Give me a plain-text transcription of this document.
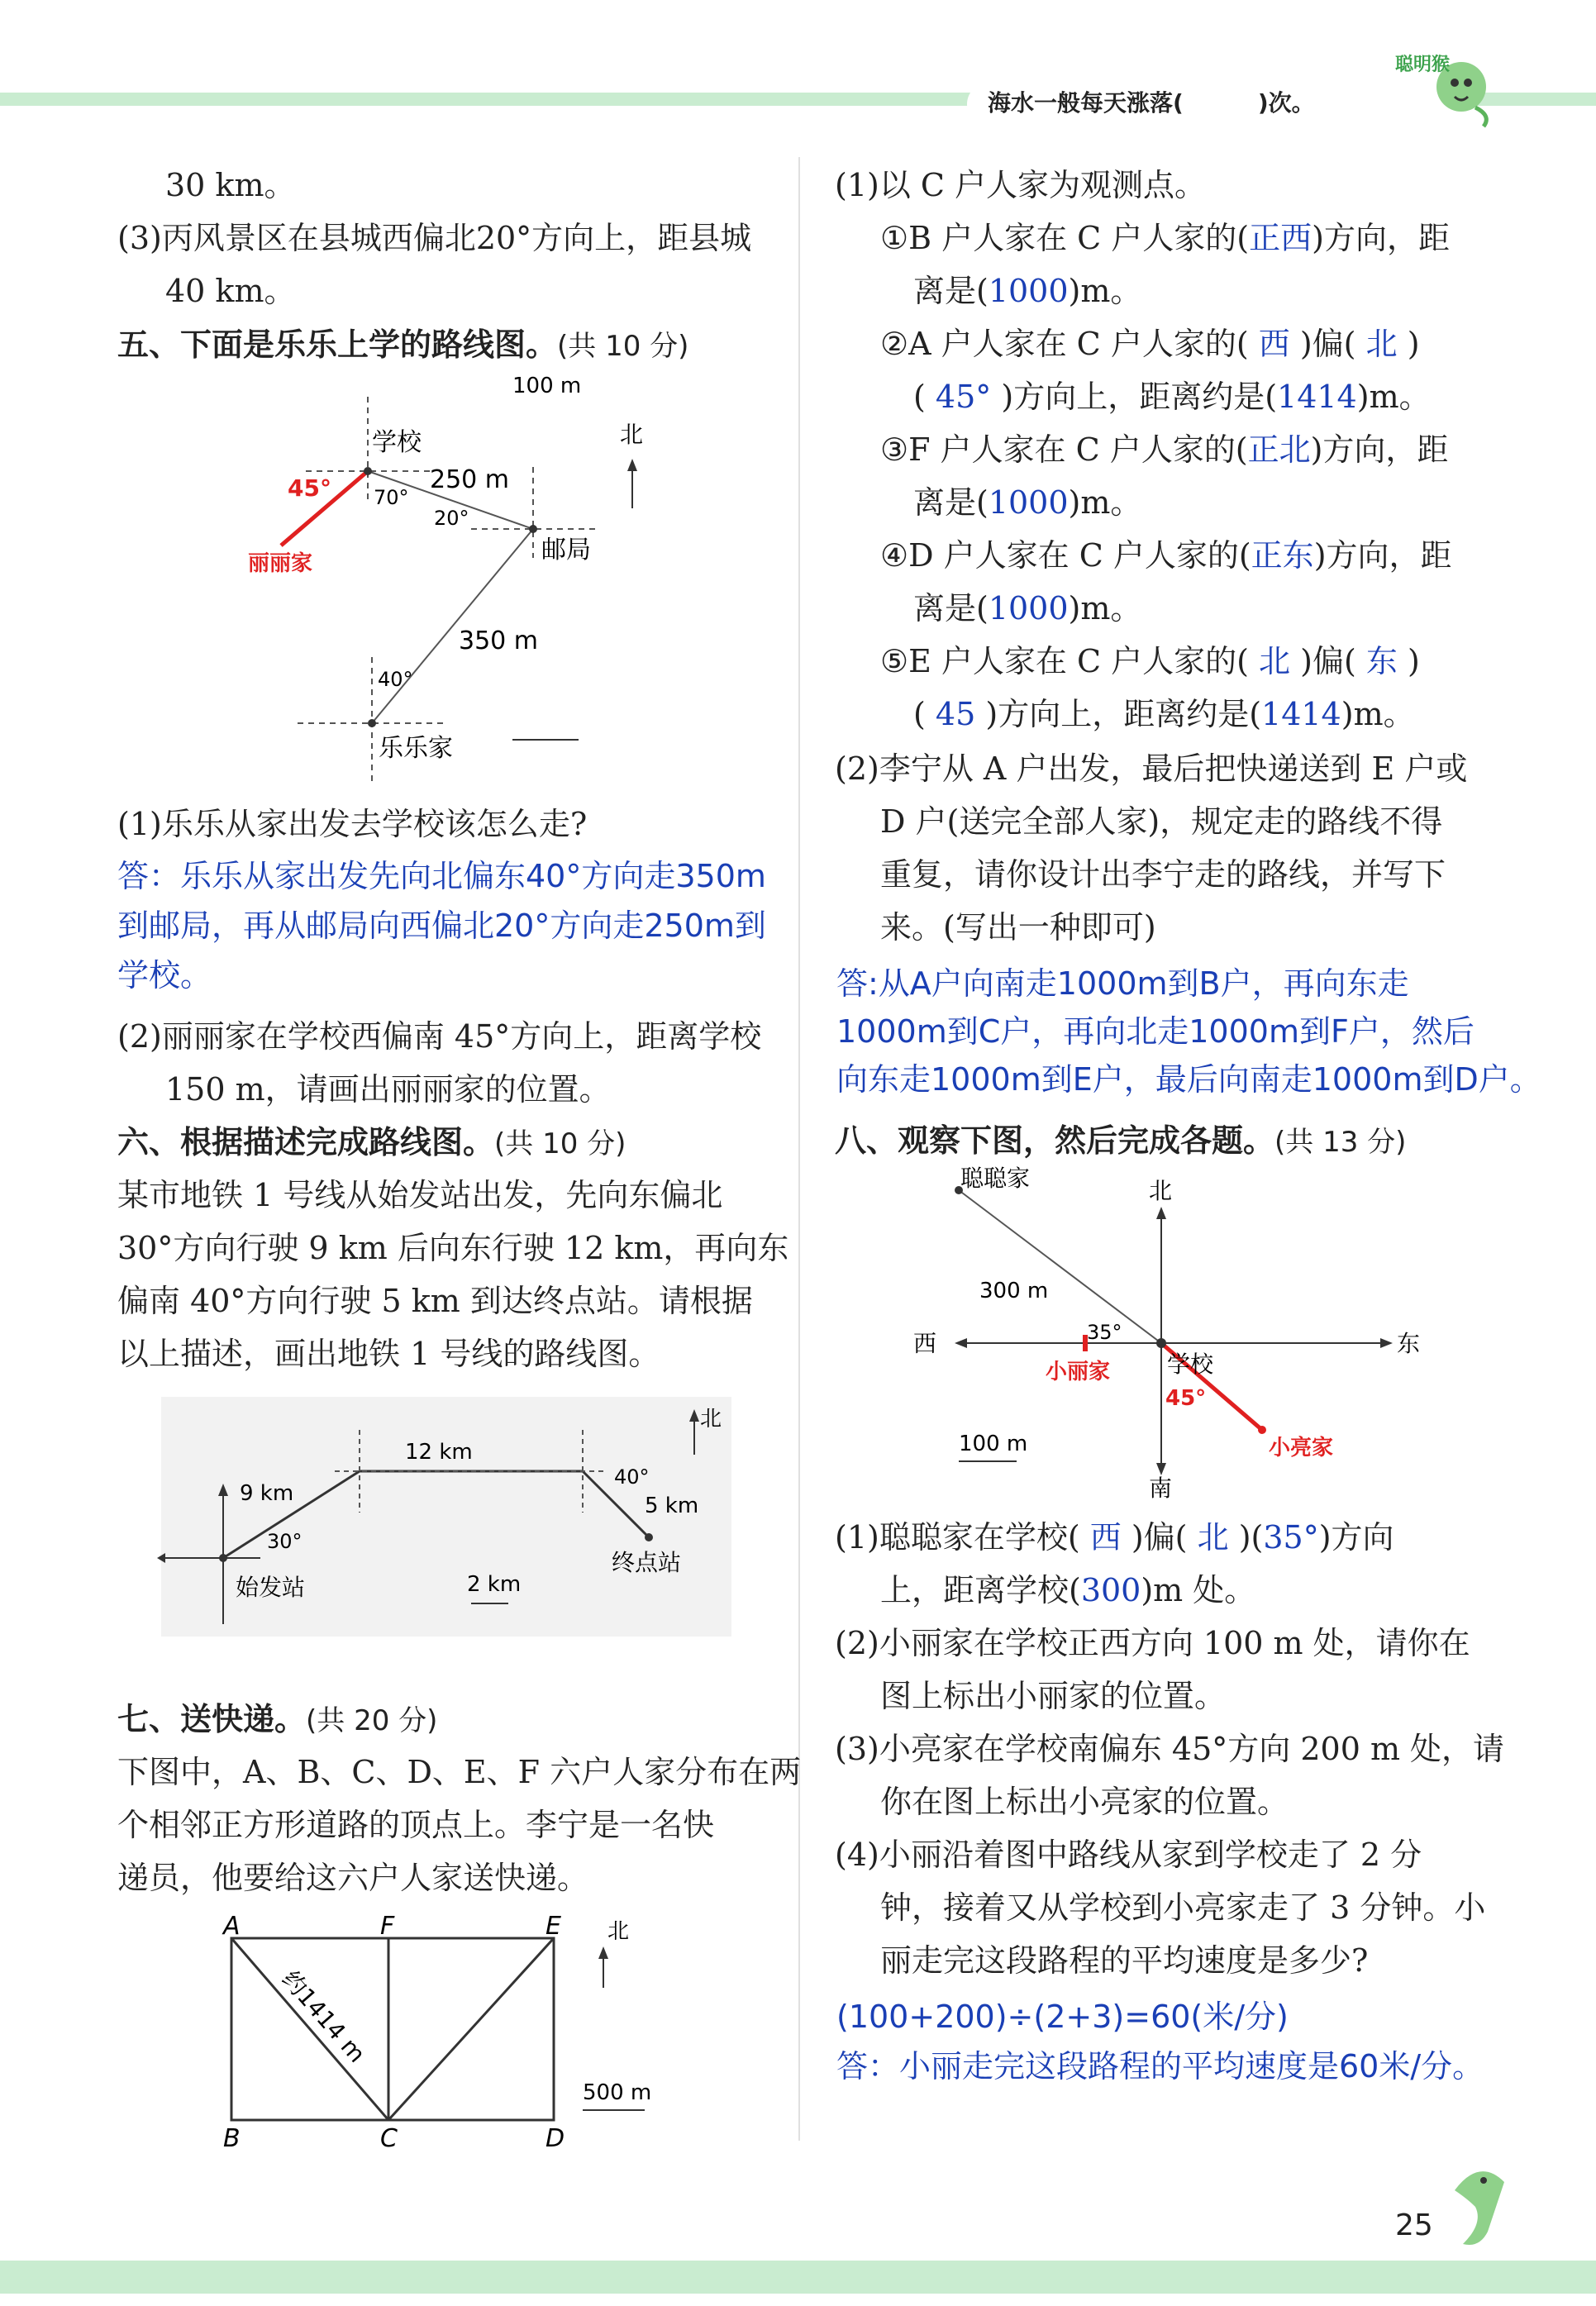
海水一般每天涨落(	)次。
聪明猴
30 km。
(3)丙风景区在县城西偏北20°方向上，距县城
40 km。
五、下面是乐乐上学的路线图。(共 10 分)
北
学校
邮局
乐乐家
丽丽家
250 m
350 m
70°
20°
40°
45°
100 m
(1)乐乐从家出发去学校该怎么走?
答：乐乐从家出发先向北偏东40°方向走350m
到邮局，再从邮局向西偏北20°方向走250m到
学校。
(2)丽丽家在学校西偏南 45°方向上，距离学校
150 m，请画出丽丽家的位置。
六、根据描述完成路线图。(共 10 分)
某市地铁 1 号线从始发站出发，先向东偏北
30°方向行驶 9 km 后向东行驶 12 km，再向东
偏南 40°方向行驶 5 km 到达终点站。请根据
以上描述，画出地铁 1 号线的路线图。
北
始发站
终点站
9 km
12 km
5 km
30°
40°
2 km
七、送快递。(共 20 分)
下图中，A、B、C、D、E、F 六户人家分布在两
个相邻正方形道路的顶点上。李宁是一名快
递员，他要给这六户人家送快递。
A	F	E
B	C	D
北
约1414 m
500 m
(1)以 C 户人家为观测点。
①B 户人家在 C 户人家的(正西)方向，距
离是(1000)m。
②A 户人家在 C 户人家的( 西 )偏( 北 )
( 45° )方向上，距离约是(1414)m。
③F 户人家在 C 户人家的(正北)方向，距
离是(1000)m。
④D 户人家在 C 户人家的(正东)方向，距
离是(1000)m。
⑤E 户人家在 C 户人家的( 北 )偏( 东 )
( 45 )方向上，距离约是(1414)m。
(2)李宁从 A 户出发，最后把快递送到 E 户或
D 户(送完全部人家)，规定走的路线不得
重复，请你设计出李宁走的路线，并写下
来。(写出一种即可)
答:从A户向南走1000m到B户，再向东走
1000m到C户，再向北走1000m到F户，然后
向东走1000m到E户，最后向南走1000m到D户。
八、观察下图，然后完成各题。(共 13 分)
聪聪家	北
南
东
西
学校
小丽家
小亮家
300 m
35°
45°
100 m
(1)聪聪家在学校( 西 )偏( 北 )(35°)方向
上，距离学校(300)m 处。
(2)小丽家在学校正西方向 100 m 处，请你在
图上标出小丽家的位置。
(3)小亮家在学校南偏东 45°方向 200 m 处，请
你在图上标出小亮家的位置。
(4)小丽沿着图中路线从家到学校走了 2 分
钟，接着又从学校到小亮家走了 3 分钟。小
丽走完这段路程的平均速度是多少?
(100+200)÷(2+3)=60(米/分)
答：小丽走完这段路程的平均速度是60米/分。
25
